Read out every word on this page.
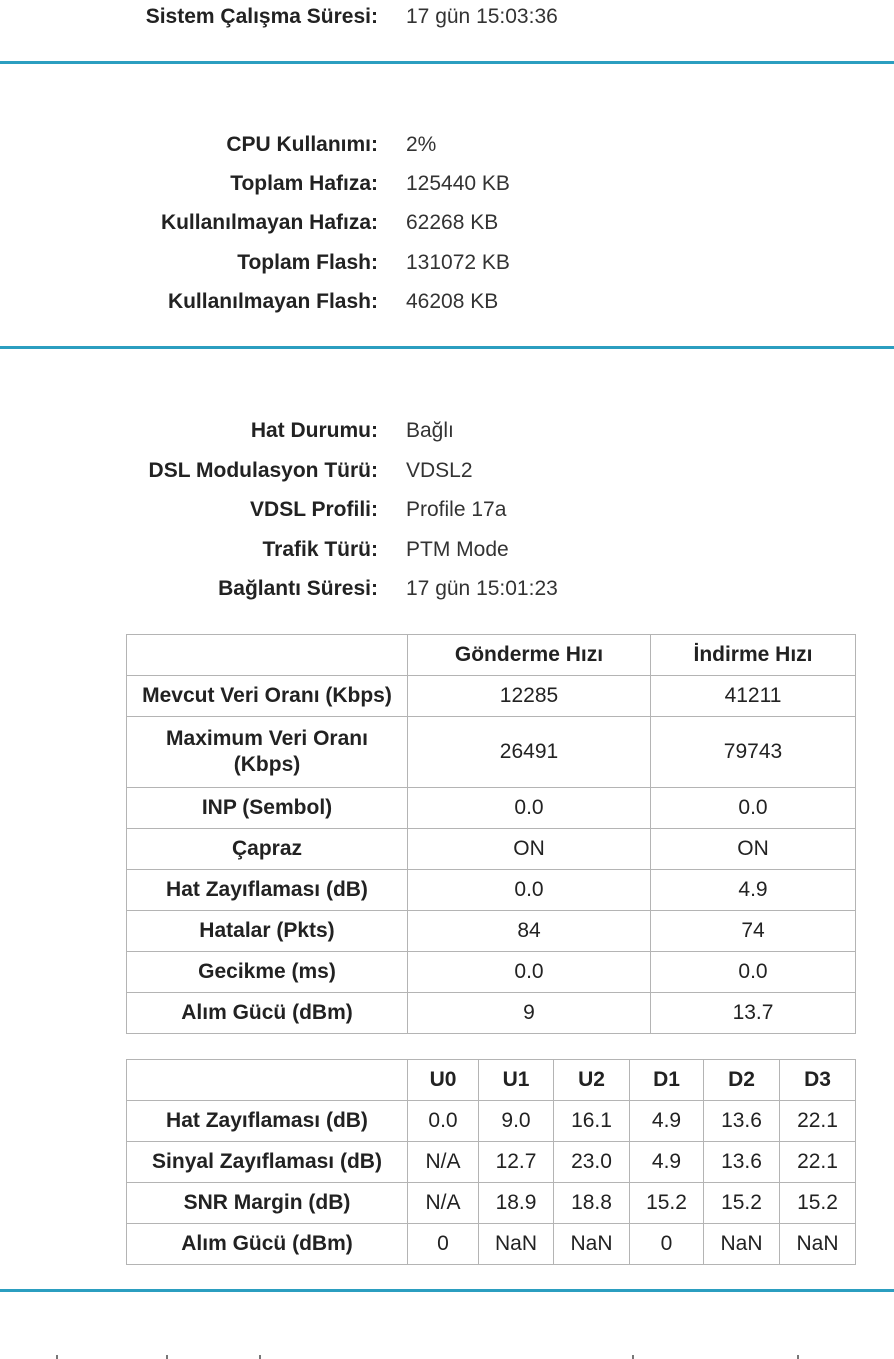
Sistem Çalışma Süresi: 17 gün 15:03:36
CPU Kullanımı: 2%
Toplam Hafıza: 125440 KB
Kullanılmayan Hafıza: 62268 KB
Toplam Flash: 131072 KB
Kullanılmayan Flash: 46208 KB
Hat Durumu: Bağlı
DSL Modulasyon Türü: VDSL2
VDSL Profili: Profile 17a
Trafik Türü: PTM Mode
Bağlantı Süresi: 17 gün 15:01:23
	Gönderme Hızı	İndirme Hızı
Mevcut Veri Oranı (Kbps)	12285	41211
Maximum Veri Oranı (Kbps)	26491	79743
INP (Sembol)	0.0	0.0
Çapraz	ON	ON
Hat Zayıflaması (dB)	0.0	4.9
Hatalar (Pkts)	84	74
Gecikme (ms)	0.0	0.0
Alım Gücü (dBm)	9	13.7
	U0	U1	U2	D1	D2	D3
Hat Zayıflaması (dB)	0.0	9.0	16.1	4.9	13.6	22.1
Sinyal Zayıflaması (dB)	N/A	12.7	23.0	4.9	13.6	22.1
SNR Margin (dB)	N/A	18.9	18.8	15.2	15.2	15.2
Alım Gücü (dBm)	0	NaN	NaN	0	NaN	NaN
